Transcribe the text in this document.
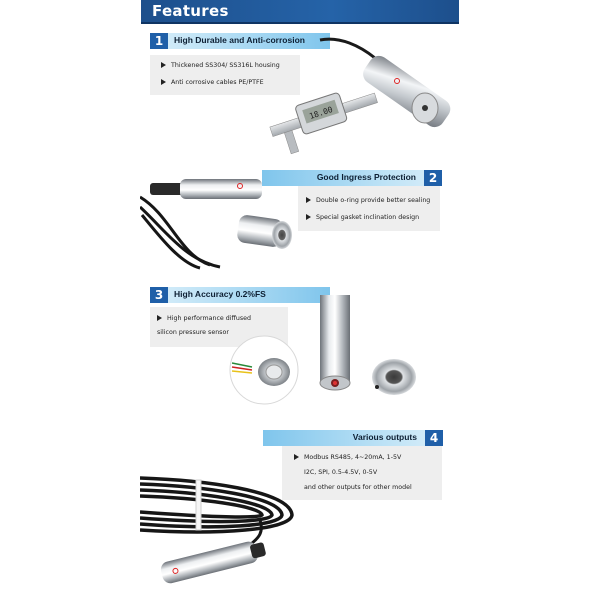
Features
1	High Durable and Anti-corrosion
Thickened SS304/ SS316L housing
Anti corrosive cables PE/PTFE
18.00
Good Ingress Protection	2
Double o-ring provide better sealing
Special gasket inclination design
3	High Accuracy 0.2%FS
High performance diffused
silicon pressure sensor
Various outputs	4
Modbus RS485, 4~20mA, 1-5V
I2C, SPI, 0.5-4.5V, 0-5V
and other outputs for other model
